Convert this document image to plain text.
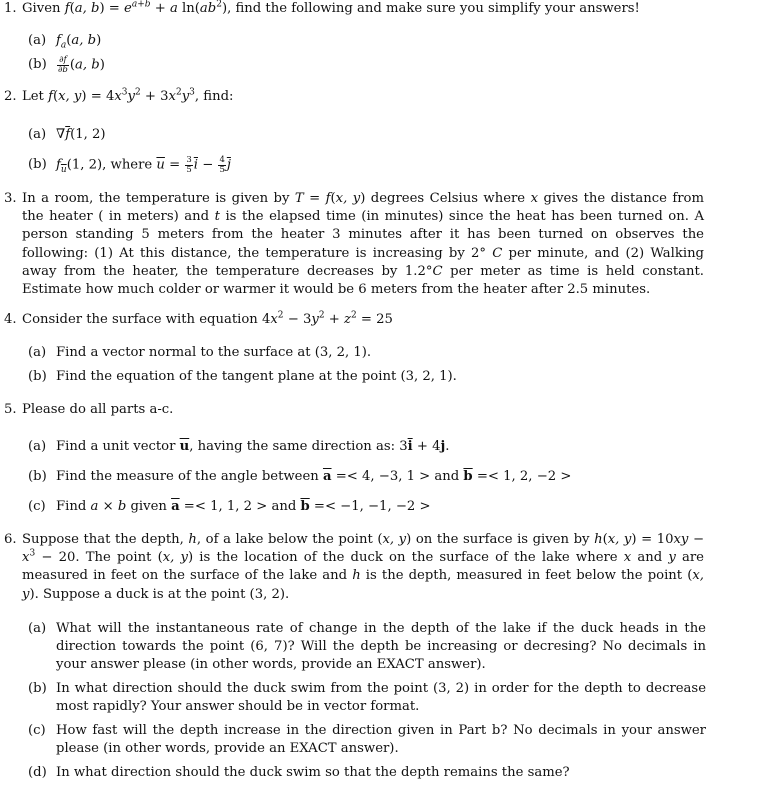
1. Given f(a, $b) = e^{a+b} + a$ $\ln(ab^2)$, find the following and make sure you simplify your answers!
(a) $f_a(a$, b)
$(b) \frac{\partial f}{\partial b} (a$, b)
2. Let f(x, $y) = 4x^3y^2 + 3x^2y^3$, find:
(a) $\nabla\overline{f}(1$, 2)
(b) $f_{\overline{u}}(1$, 2), where $\overline{u} = \frac{3}{5} \overline{i} - \frac{4}{5} \overline{j}$
3. In a room, the temperature is given by T = f(x, y) degrees Celsius where x gives the distance from the heater ( in meters) and t is the elapsed time (in minutes) since the heat has been turned on. A person standing 5 meters from the heater 3 minutes after it has been turned on observes the following: (1) At this distance, the temperature is increasing by 2° C per minute, and (2) Walking away from the heater, the temperature decreases by 1.2°C per meter as time is held constant. Estimate how much colder or warmer it would be 6 meters from the heater after 2.5 minutes.
4. Consider the surface with equation $4x^2 - 3y^2 + z^2 = 25$
(a) Find a vector normal to the surface at (3, 2, 1).
(b) Find the equation of the tangent plane at the point (3, 2, 1).
5. Please do all parts a-c.
(a) Find a unit vector $\overline{u}$, having the same direction as: $3\overline{i} + 4j$.
(b) Find the measure of the angle between $\overline{a} =< 4$, −3, 1 > and $\overline{b} =< 1$, 2, −2 >
(c) Find a × b given $\overline{a} =< 1$, 1, 2 > and $\overline{b} =< -1$, −1, −2 >
6. Suppose that the depth, h, of a lake below the point (x, y) on the surface is given by h(x, $y) = 10xy - x^3 - 20$. The point (x, y) is the location of the duck on the surface of the lake where x and y are measured in feet on the surface of the lake and h is the depth, measured in feet below the point (x, y). Suppose a duck is at the point (3, 2).
(a) What will the instantaneous rate of change in the depth of the lake if the duck heads in the direction towards the point (6, 7)? Will the depth be increasing or decresing? No decimals in your answer please (in other words, provide an EXACT answer).
(b) In what direction should the duck swim from the point (3, 2) in order for the depth to decrease most rapidly? Your answer should be in vector format.
(c) How fast will the depth increase in the direction given in Part b? No decimals in your answer please (in other words, provide an EXACT answer).
(d) In what direction should the duck swim so that the depth remains the same?
